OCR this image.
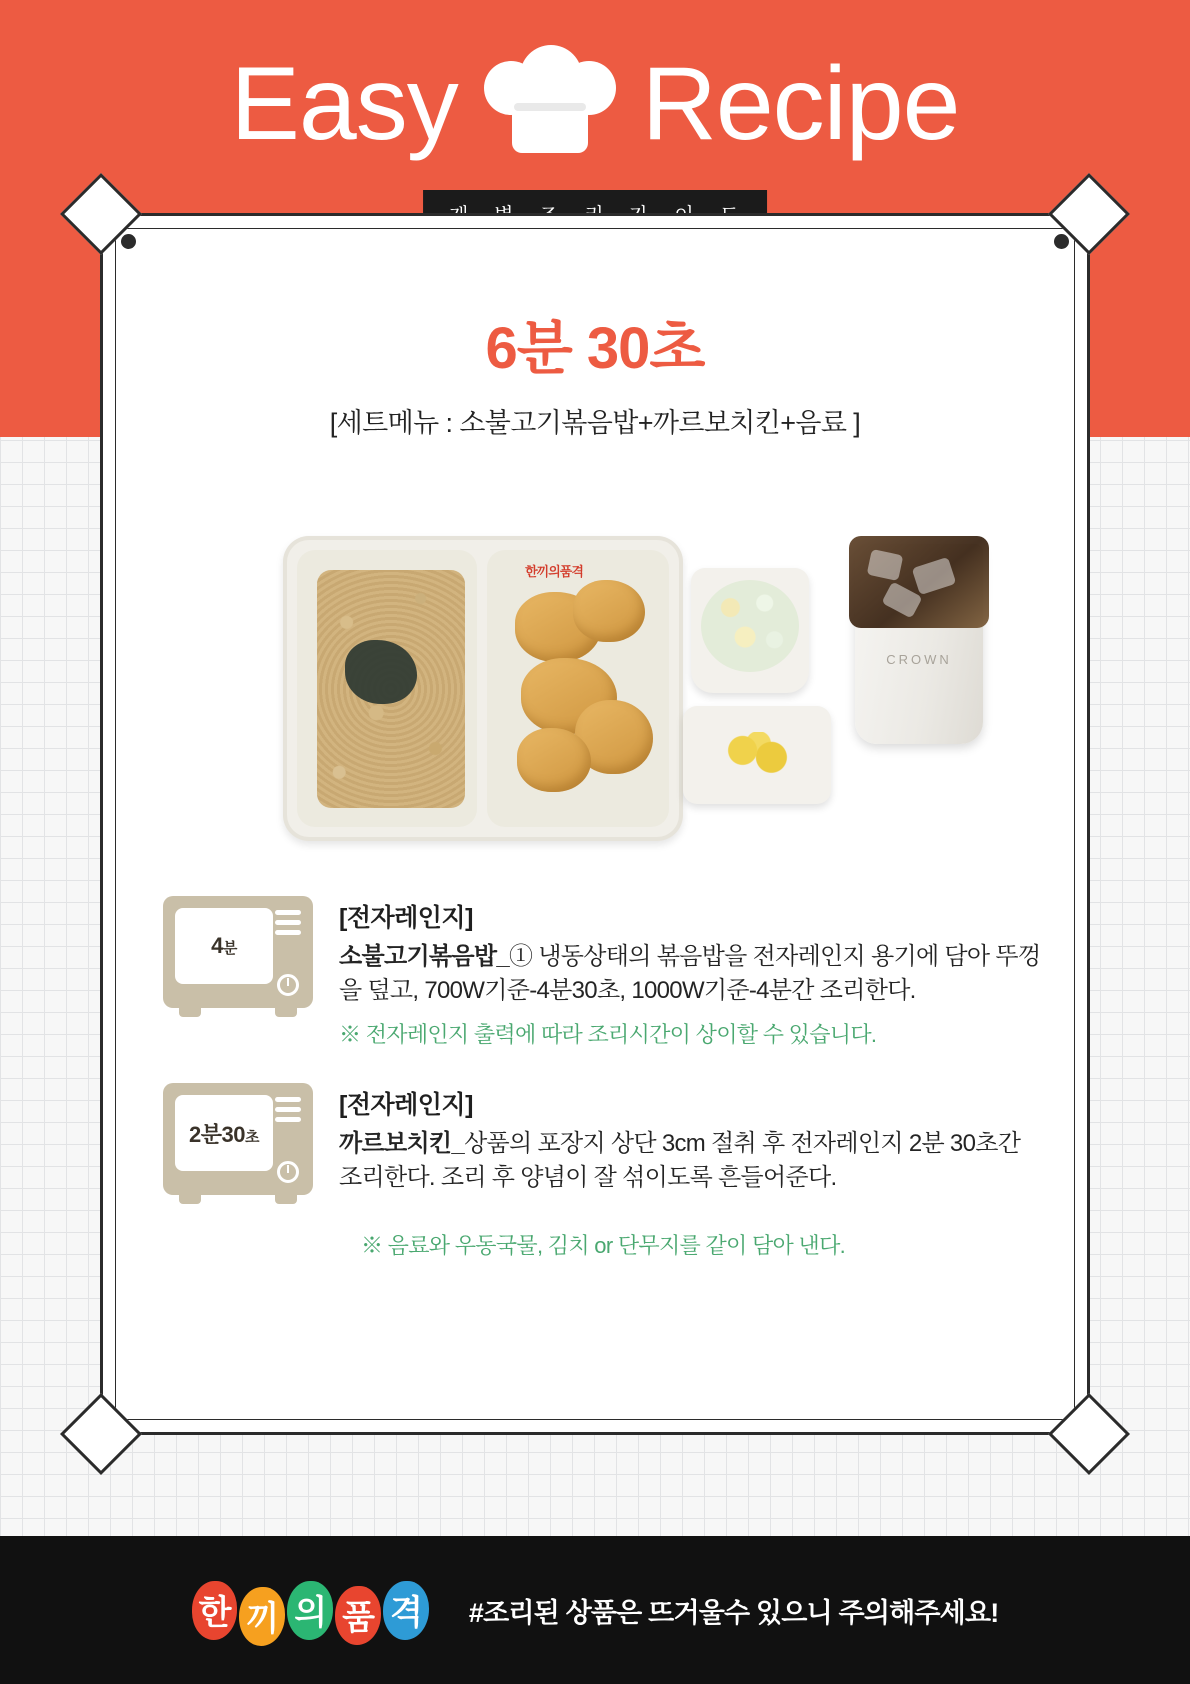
Easy Recipe
6분 30초
[세트메뉴 : 소불고기볶음밥+까르보치킨+음료 ]
한끼의품격
CROWN
4분
[전자레인지]
소불고기볶음밥_① 냉동상태의 볶음밥을 전자레인지 용기에 담아 뚜껑을 덮고, 700W기준-4분30초, 1000W기준-4분간 조리한다.
※ 전자레인지 출력에 따라 조리시간이 상이할 수 있습니다.
2분30초
[전자레인지]
까르보치킨_상품의 포장지 상단 3cm 절취 후 전자레인지 2분 30초간 조리한다. 조리 후 양념이 잘 섞이도록 흔들어준다.
※ 음료와 우동국물, 김치 or 단무지를 같이 담아 낸다.
한 끼 의 품 격 #조리된 상품은 뜨거울수 있으니 주의해주세요!
